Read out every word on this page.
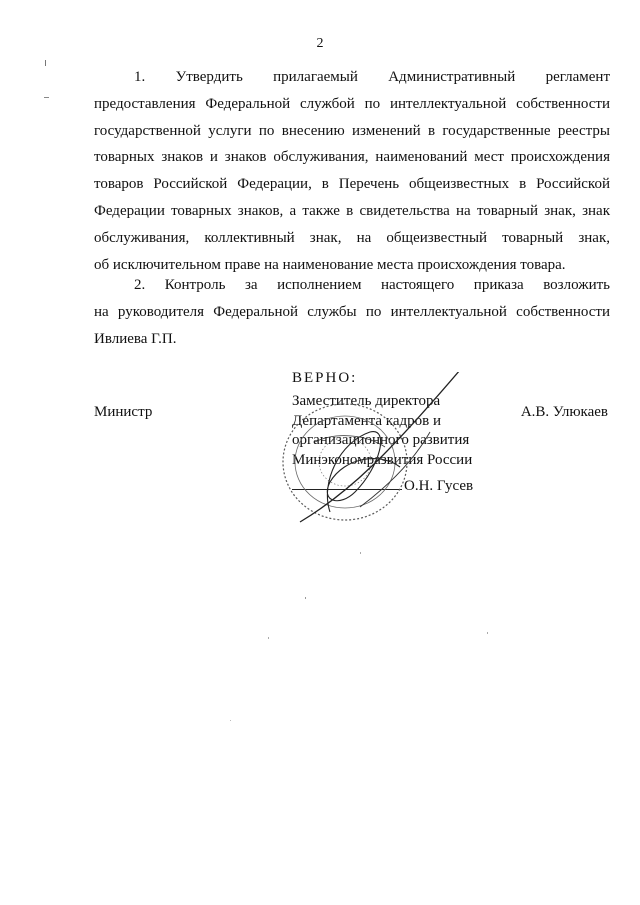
2
1. Утвердить прилагаемый Административный регламент
предоставления Федеральной службой по интеллектуальной собственности
государственной услуги по внесению изменений в государственные реестры
товарных знаков и знаков обслуживания, наименований мест происхождения
товаров Российской Федерации, в Перечень общеизвестных в Российской
Федерации товарных знаков, а также в свидетельства на товарный знак, знак
обслуживания, коллективный знак, на общеизвестный товарный знак,
об исключительном праве на наименование места происхождения товара.
2. Контроль за исполнением настоящего приказа возложить
на руководителя Федеральной службы по интеллектуальной собственности
Ивлиева Г.П.
Министр	А.В. Улюкаев
ВЕРНО:
Заместитель директора
Департамента кадров и
организационного развития
Минэкономразвития России
О.Н. Гусев
